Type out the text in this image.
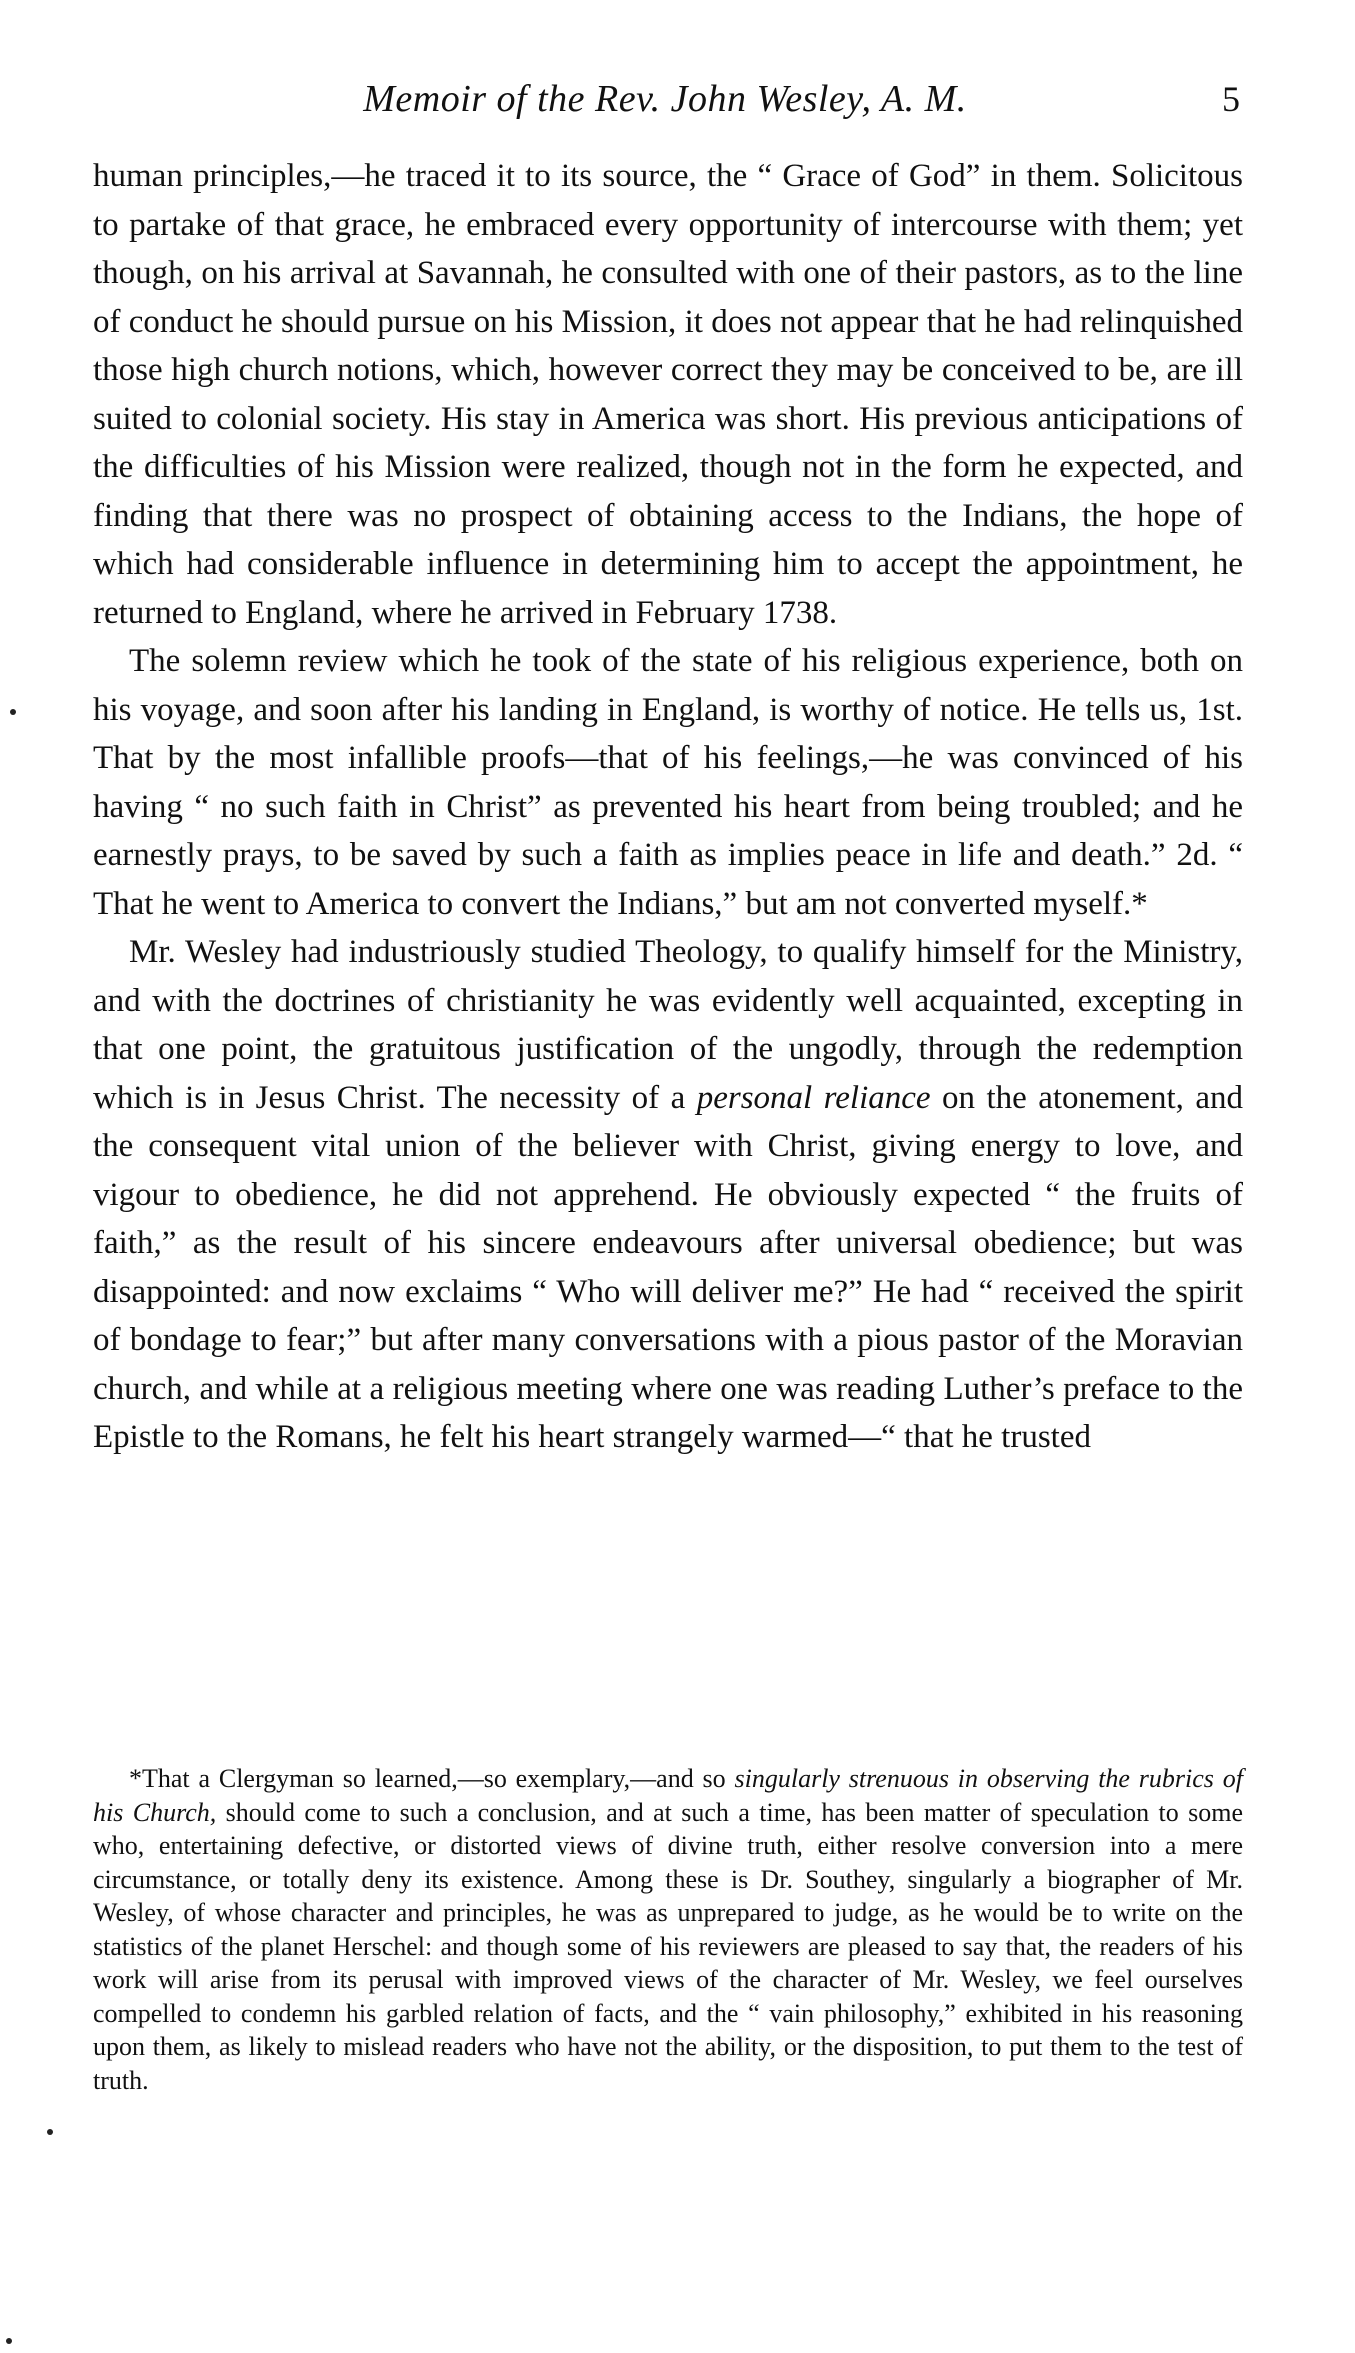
Memoir of the Rev. John Wesley, A. M.	5

human principles,—he traced it to its source, the “ Grace of God” in them. Solicitous to partake of that grace, he embraced every opportunity of intercourse with them; yet though, on his arrival at Savannah, he consulted with one of their pastors, as to the line of conduct he should pursue on his Mission, it does not appear that he had relinquished those high church notions, which, however correct they may be conceived to be, are ill suited to colonial society. His stay in America was short. His previous anticipations of the difficulties of his Mission were realized, though not in the form he expected, and finding that there was no prospect of obtaining access to the Indians, the hope of which had considerable influence in determining him to accept the appointment, he returned to England, where he arrived in February 1738.

The solemn review which he took of the state of his religious experience, both on his voyage, and soon after his landing in England, is worthy of notice. He tells us, 1st. That by the most infallible proofs—that of his feelings,—he was convinced of his having “ no such faith in Christ” as prevented his heart from being troubled; and he earnestly prays, to be saved by such a faith as implies peace in life and death.” 2d. “ That he went to America to convert the Indians,” but am not converted myself.*

Mr. Wesley had industriously studied Theology, to qualify himself for the Ministry, and with the doctrines of christianity he was evidently well acquainted, excepting in that one point, the gratuitous justification of the ungodly, through the redemption which is in Jesus Christ. The necessity of a personal reliance on the atonement, and the consequent vital union of the believer with Christ, giving energy to love, and vigour to obedience, he did not apprehend. He obviously expected “ the fruits of faith,” as the result of his sincere endeavours after universal obedience; but was disappointed: and now exclaims “ Who will deliver me?” He had “ received the spirit of bondage to fear;” but after many conversations with a pious pastor of the Moravian church, and while at a religious meeting where one was reading Luther’s preface to the Epistle to the Romans, he felt his heart strangely warmed—“ that he trusted

*That a Clergyman so learned,—so exemplary,—and so singularly strenuous in observing the rubrics of his Church, should come to such a conclusion, and at such a time, has been matter of speculation to some who, entertaining defective, or distorted views of divine truth, either resolve conversion into a mere circumstance, or totally deny its existence. Among these is Dr. Southey, singularly a biographer of Mr. Wesley, of whose character and principles, he was as unprepared to judge, as he would be to write on the statistics of the planet Herschel: and though some of his reviewers are pleased to say that, the readers of his work will arise from its perusal with improved views of the character of Mr. Wesley, we feel ourselves compelled to condemn his garbled relation of facts, and the “ vain philosophy,” exhibited in his reasoning upon them, as likely to mislead readers who have not the ability, or the disposition, to put them to the test of truth.
